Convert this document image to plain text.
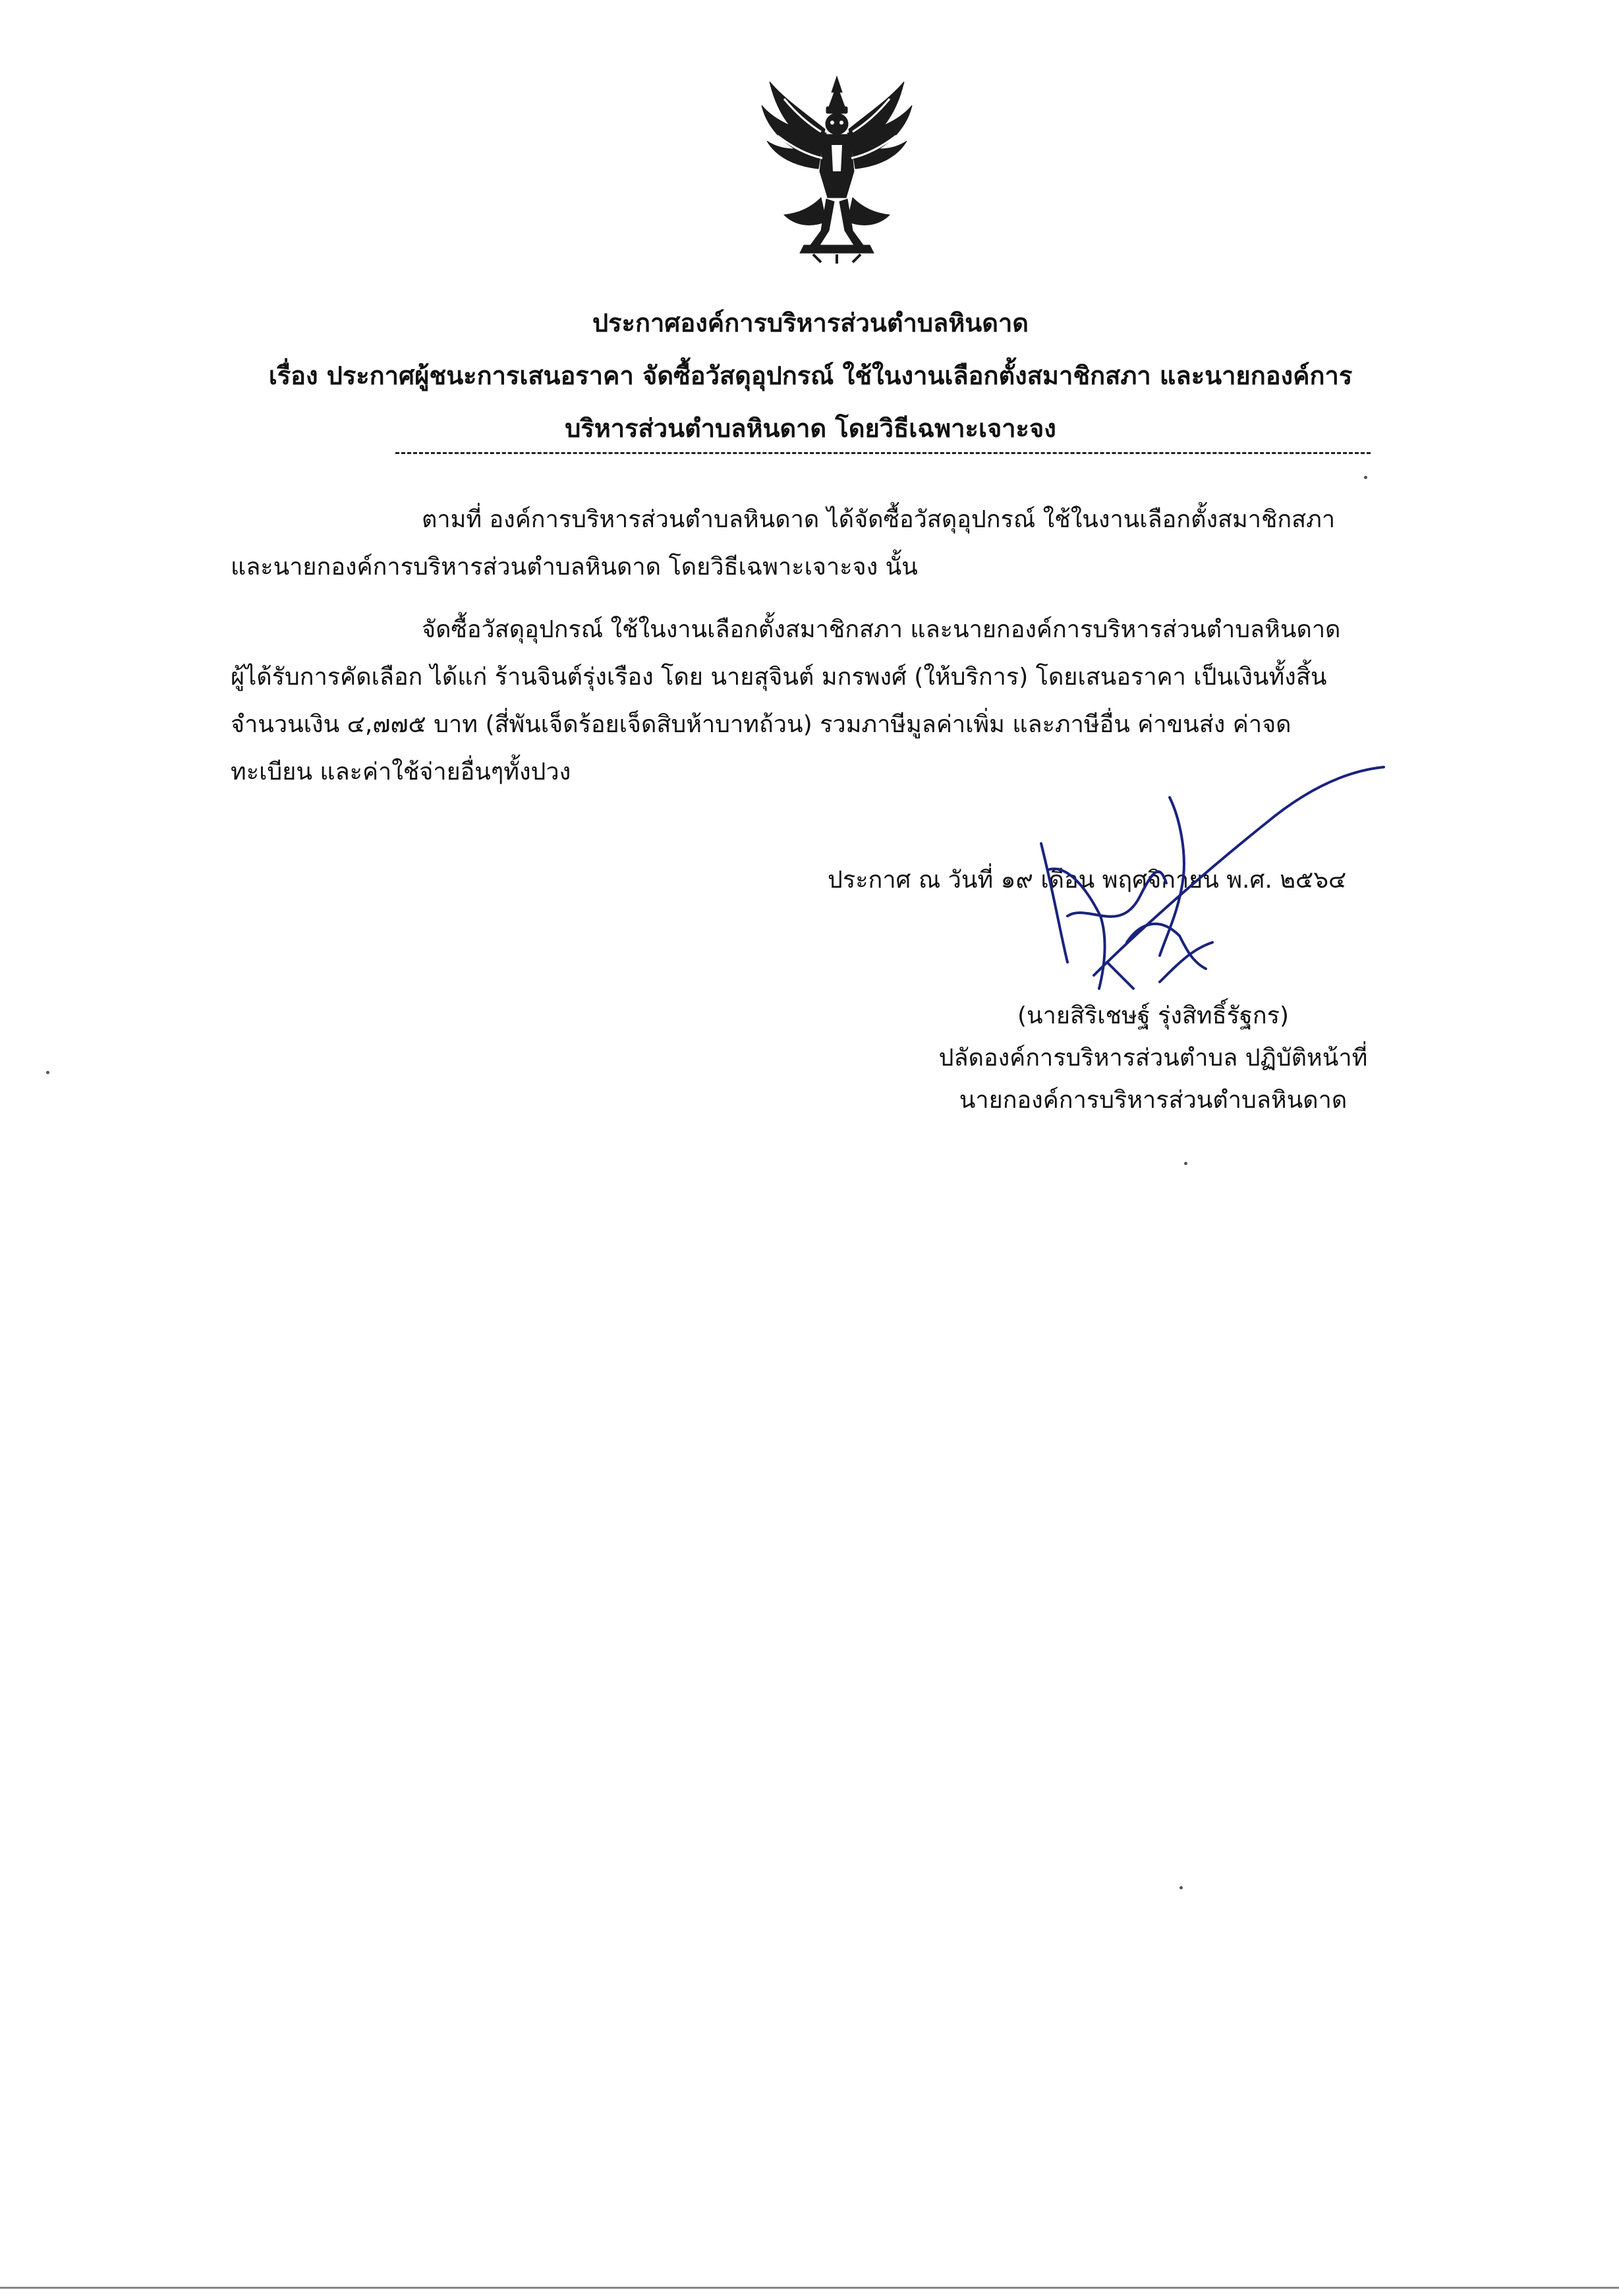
ประกาศองค์การบริหารส่วนตำบลหินดาด
เรื่อง ประกาศผู้ชนะการเสนอราคา จัดซื้อวัสดุอุปกรณ์ ใช้ในงานเลือกตั้งสมาชิกสภา และนายกองค์การ
บริหารส่วนตำบลหินดาด โดยวิธีเฉพาะเจาะจง
ตามที่ องค์การบริหารส่วนตำบลหินดาด ได้จัดซื้อวัสดุอุปกรณ์ ใช้ในงานเลือกตั้งสมาชิกสภา
และนายกองค์การบริหารส่วนตำบลหินดาด โดยวิธีเฉพาะเจาะจง นั้น
จัดซื้อวัสดุอุปกรณ์ ใช้ในงานเลือกตั้งสมาชิกสภา และนายกองค์การบริหารส่วนตำบลหินดาด
ผู้ได้รับการคัดเลือก ได้แก่ ร้านจินต์รุ่งเรือง โดย นายสุจินต์ มกรพงศ์ (ให้บริการ) โดยเสนอราคา เป็นเงินทั้งสิ้น
จำนวนเงิน ๔,๗๗๕ บาท (สี่พันเจ็ดร้อยเจ็ดสิบห้าบาทถ้วน) รวมภาษีมูลค่าเพิ่ม และภาษีอื่น ค่าขนส่ง ค่าจด
ทะเบียน และค่าใช้จ่ายอื่นๆทั้งปวง
ประกาศ ณ วันที่ ๑๙ เดือน พฤศจิกายน พ.ศ. ๒๕๖๔
(นายสิริเชษฐ์ รุ่งสิทธิ์รัฐกร)
ปลัดองค์การบริหารส่วนตำบล ปฏิบัติหน้าที่
นายกองค์การบริหารส่วนตำบลหินดาด
